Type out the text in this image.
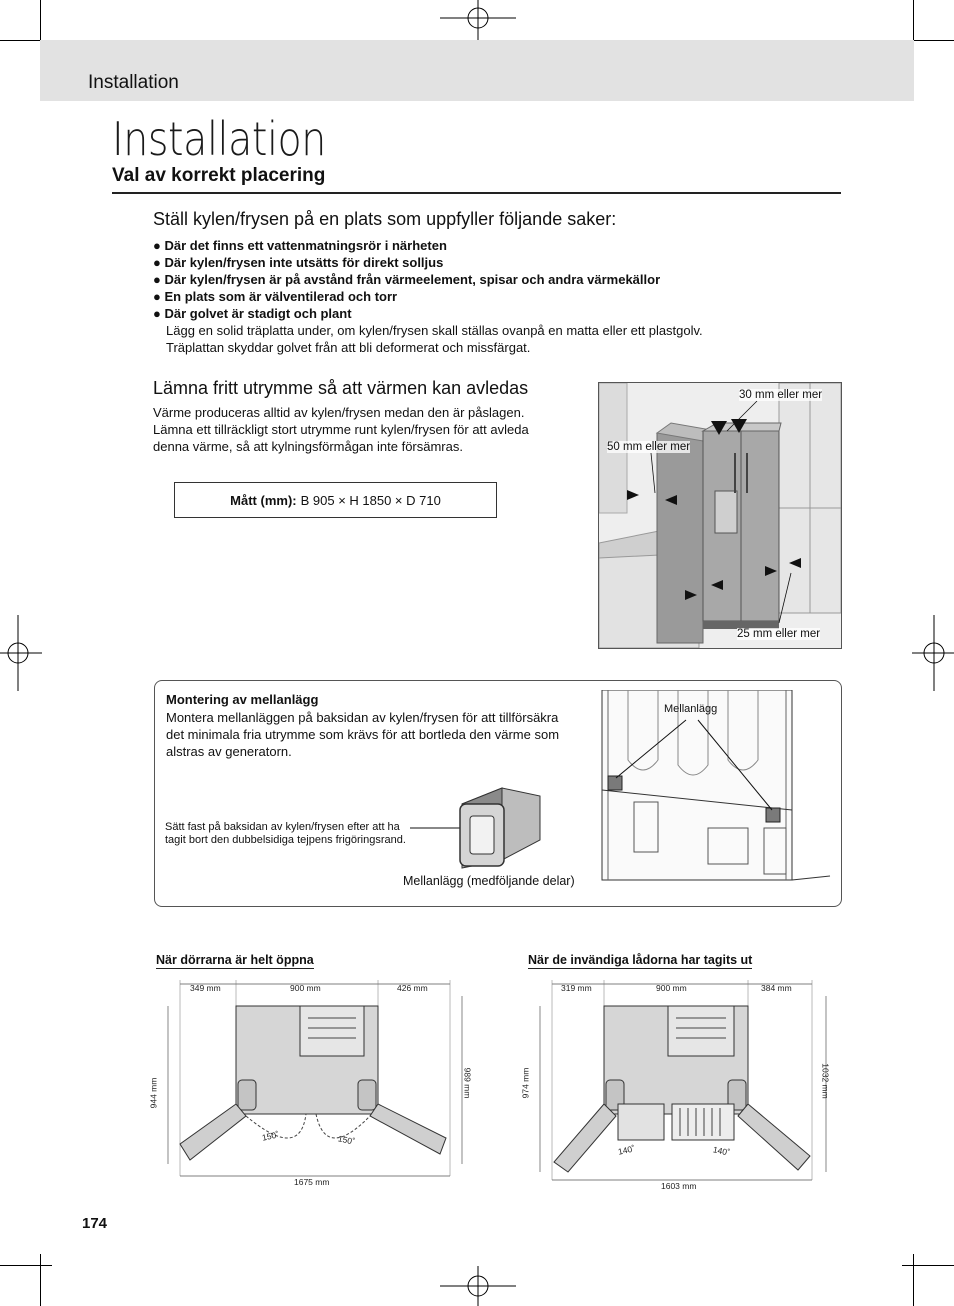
Installation
Installation
Val av korrekt placering
Ställ kylen/frysen på en plats som uppfyller följande saker:
● Där det finns ett vattenmatningsrör i närheten
● Där kylen/frysen inte utsätts för direkt solljus
● Där kylen/frysen är på avstånd från värmeelement, spisar och andra värmekällor
● En plats som är välventilerad och torr
● Där golvet är stadigt och plant
Lägg en solid träplatta under, om kylen/frysen skall ställas ovanpå en matta eller ett plastgolv.
Träplattan skyddar golvet från att bli deformerat och missfärgat.
Lämna fritt utrymme så att värmen kan avledas
Värme produceras alltid av kylen/frysen medan den är påslagen.
Lämna ett tillräckligt stort utrymme runt kylen/frysen för att avleda denna värme, så att kylningsförmågan inte försämras.
Mått (mm): B 905 × H 1850 × D 710
30 mm eller mer
50 mm eller mer
25 mm eller mer
Montering av mellanlägg
Montera mellanläggen på baksidan av kylen/frysen för att tillförsäkra det minimala fria utrymme som krävs för att bortleda den värme som alstras av generatorn.
Sätt fast på baksidan av kylen/frysen efter att ha tagit bort den dubbelsidiga tejpens frigöringsrand.
Mellanlägg (medföljande delar)
Mellanlägg
När dörrarna är helt öppna
349 mm	900 mm	426 mm
944 mm	989 mm
1675 mm
150˚	150˚
När de invändiga lådorna har tagits ut
319 mm	900 mm	384 mm
974 mm	1032 mm
1603 mm
140˚	140˚
174
